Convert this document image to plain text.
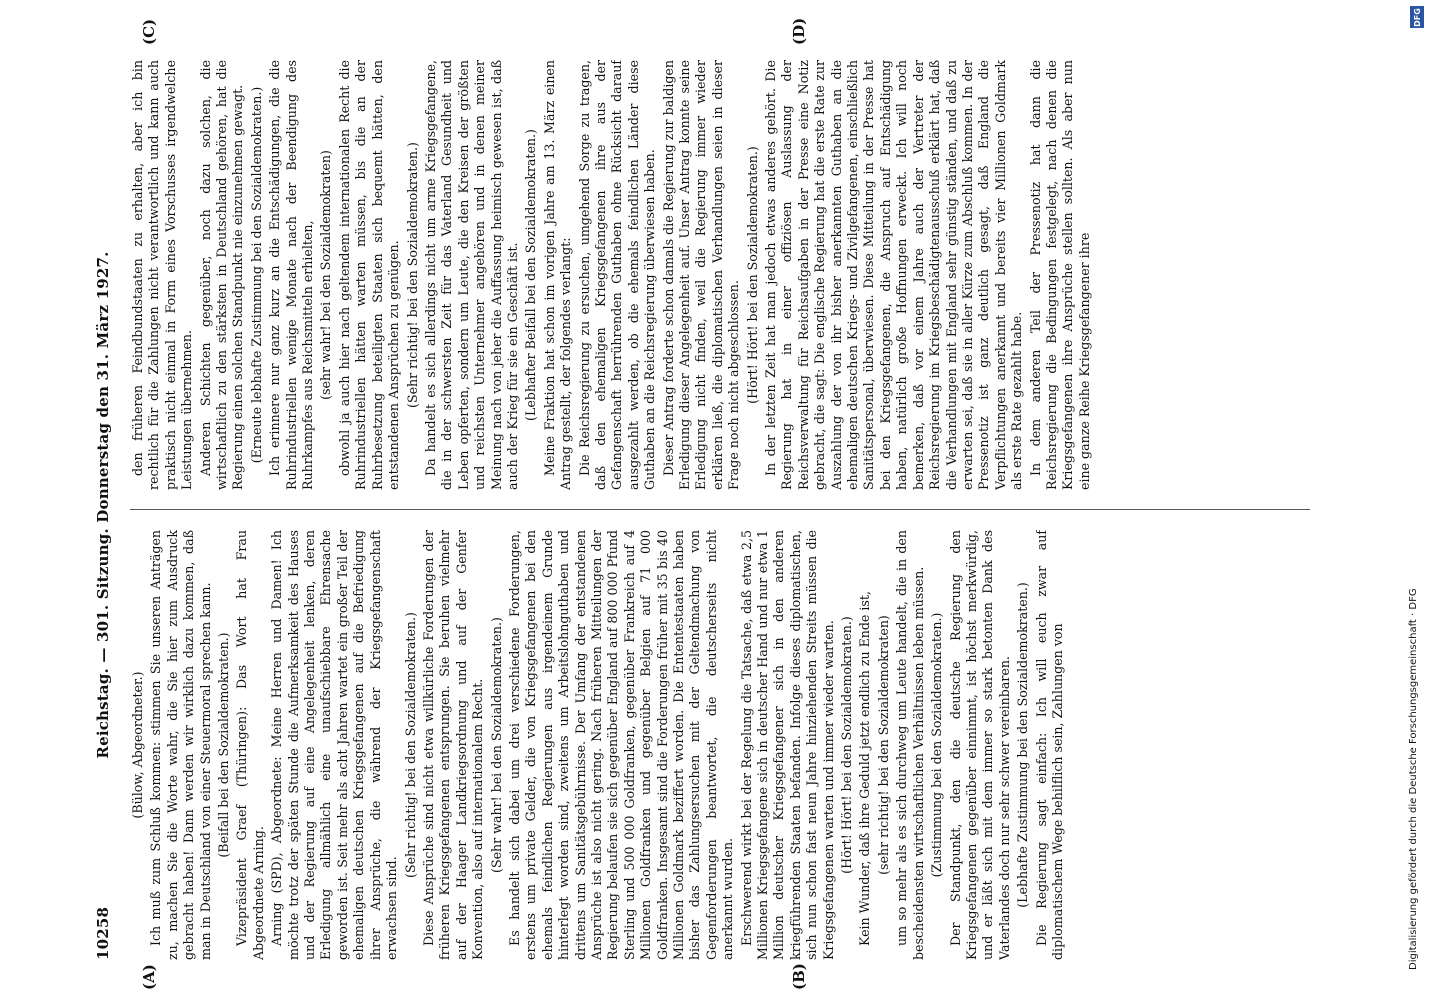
10258
Reichstag. — 301. Sitzung. Donnerstag den 31. März 1927. (Bülow, Abgeordneter.) Ich muß zum Schluß kommen: stimmen Sie unseren Anträgen zu, machen Sie die Worte wahr, die Sie hier zum Ausdruck gebracht haben! Dann werden wir wirklich dazu kommen, daß man in Deutschland von einer Steuermoral sprechen kann. (Beifall bei den Sozialdemokraten.) Vizepräsident Graef (Thüringen): Das Wort hat Frau Abgeordnete Arning. Arning (SPD), Abgeordnete: Meine Herren und Damen! Ich möchte trotz der späten Stunde die Aufmerksamkeit des Hauses und der Regierung auf eine Angelegenheit lenken, deren Erledigung allmählich eine unaufschiebbare Ehrensache geworden ist. Seit mehr als acht Jahren wartet ein großer Teil der ehemaligen deutschen Kriegsgefangenen auf die Befriedigung ihrer Ansprüche, die während der Kriegsgefangenschaft erwachsen sind.

(Sehr richtig! bei den Sozialdemokraten.) Diese Ansprüche sind nicht etwa willkürliche Forderungen der früheren Kriegsgefangenen entsprungen. Sie beruhen vielmehr auf der Haager Landkriegsordnung und auf der Genfer Konvention, also auf internationalem Recht. (Sehr wahr! bei den Sozialdemokraten.) Es handelt sich dabei um drei verschiedene Forderungen, erstens um private Gelder, die von Kriegsgefangenen bei den ehemals feindlichen Regierungen aus irgendeinem Grunde hinterlegt worden sind, zweitens um Arbeitslohnguthaben und drittens um Sanitätsgebührnisse. Der Umfang der entstandenen Ansprüche ist also nicht gering. Nach früheren Mitteilungen der Regierung belaufen sie sich gegenüber England auf 800 000 Pfund Sterling und 500 000 Goldfranken, gegenüber Frankreich auf 4 Millionen Goldfranken und gegenüber Belgien auf 71 000 Goldfranken. Insgesamt sind die Forderungen früher mit 35 bis 40 Millionen Goldmark beziffert worden. Die Ententestaaten haben bisher das Zahlungsersuchen mit der Geltendmachung von Gegenforderungen beantwortet, die deutscherseits nicht anerkannt wurden. Erschwerend wirkt bei der Regelung die Tatsache, daß etwa 2,5 Millionen Kriegsgefangene sich in deutscher Hand und nur etwa 1 Million deutscher Kriegsgefangener sich in den anderen kriegführenden Staaten befanden. Infolge dieses diplomatischen, sich nun schon fast neun Jahre hinziehenden Streits müssen die Kriegsgefangenen warten und immer wieder warten. (Hört! Hört! bei den Sozialdemokraten.) Kein Wunder, daß ihre Geduld jetzt endlich zu Ende ist, (sehr richtig! bei den Sozialdemokraten) um so mehr als es sich durchweg um Leute handelt, die in den bescheidensten wirtschaftlichen Verhältnissen leben müssen. (Zustimmung bei den Sozialdemokraten.) Der Standpunkt, den die deutsche Regierung den Kriegsgefangenen gegenüber einnimmt, ist höchst merkwürdig, und er läßt sich mit dem immer so stark betonten Dank des Vaterlandes doch nur sehr schwer vereinbaren. (Lebhafte Zustimmung bei den Sozialdemokraten.) Die Regierung sagt einfach: Ich will euch zwar auf diplomatischem Wege behilflich sein, Zahlungen von

den früheren Feindbundstaaten zu erhalten, aber ich bin rechtlich für die Zahlungen nicht verantwortlich und kann auch praktisch nicht einmal in Form eines Vorschusses irgendwelche Leistungen übernehmen. Anderen Schichten gegenüber, noch dazu solchen, die wirtschaftlich zu den stärksten in Deutschland gehören, hat die Regierung einen solchen Standpunkt nie einzunehmen gewagt. (Erneute lebhafte Zustimmung bei den Sozialdemokraten.) Ich erinnere nur ganz kurz an die Entschädigungen, die die Ruhrindustriellen wenige Monate nach der Beendigung des Ruhrkampfes aus Reichsmitteln erhielten, (sehr wahr! bei den Sozialdemokraten) obwohl ja auch hier nach geltendem internationalen Recht die Ruhrindustriellen hätten warten müssen, bis die an der Ruhrbesetzung beteiligten Staaten sich bequemt hätten, den entstandenen Ansprüchen zu genügen. (Sehr richtig! bei den Sozialdemokraten.) Da handelt es sich allerdings nicht um arme Kriegsgefangene, die in der schwersten Zeit für das Vaterland Gesundheit und Leben opferten, sondern um Leute, die den Kreisen der größten und reichsten Unternehmer angehören und in denen meiner Meinung nach von jeher die Auffassung heimisch gewesen ist, daß auch der Krieg für sie ein Geschäft ist. (Lebhafter Beifall bei den Sozialdemokraten.) Meine Fraktion hat schon im vorigen Jahre am 13. März einen Antrag gestellt, der folgendes verlangt: Die Reichsregierung zu ersuchen, umgehend Sorge zu tragen, daß den ehemaligen Kriegsgefangenen ihre aus der Gefangenschaft herrührenden Guthaben ohne Rücksicht darauf ausgezahlt werden, ob die ehemals feindlichen Länder diese Guthaben an die Reichsregierung überwiesen haben. Dieser Antrag forderte schon damals die Regierung zur baldigen Erledigung dieser Angelegenheit auf. Unser Antrag konnte seine Erledigung nicht finden, weil die Regierung immer wieder erklären ließ, die diplomatischen Verhandlungen seien in dieser Frage noch nicht abgeschlossen. (Hört! Hört! bei den Sozialdemokraten.) In der letzten Zeit hat man jedoch etwas anderes gehört. Die Regierung hat in einer offiziösen Auslassung der Reichsverwaltung für Reichsaufgaben in der Presse eine Notiz gebracht, die sagt: Die englische Regierung hat die erste Rate zur Auszahlung der von ihr bisher anerkannten Guthaben an die ehemaligen deutschen Kriegs- und Zivilgefangenen, einschließlich Sanitätspersonal, überwiesen. Diese Mitteilung in der Presse hat bei den Kriegsgefangenen, die Anspruch auf Entschädigung haben, natürlich große Hoffnungen erweckt. Ich will noch bemerken, daß vor einem Jahre auch der Vertreter der Reichsregierung im Kriegsbeschädigtenausschuß erklärt hat, daß die Verhandlungen mit England sehr günstig ständen, und daß zu erwarten sei, daß sie in aller Kürze zum Abschluß kommen. In der Pressenotiz ist ganz deutlich gesagt, daß England die Verpflichtungen anerkannt und bereits vier Millionen Goldmark als erste Rate gezahlt habe. In dem anderen Teil der Pressenotiz hat dann die Reichsregierung die Bedingungen festgelegt, nach denen die Kriegsgefangenen ihre Ansprüche stellen sollten. Als aber nun eine ganze Reihe Kriegsgefangener ihre

(A)	(B)
(C)	(D)
DFG
Digitalisierung gefördert durch die Deutsche Forschungsgemeinschaft · DFG
